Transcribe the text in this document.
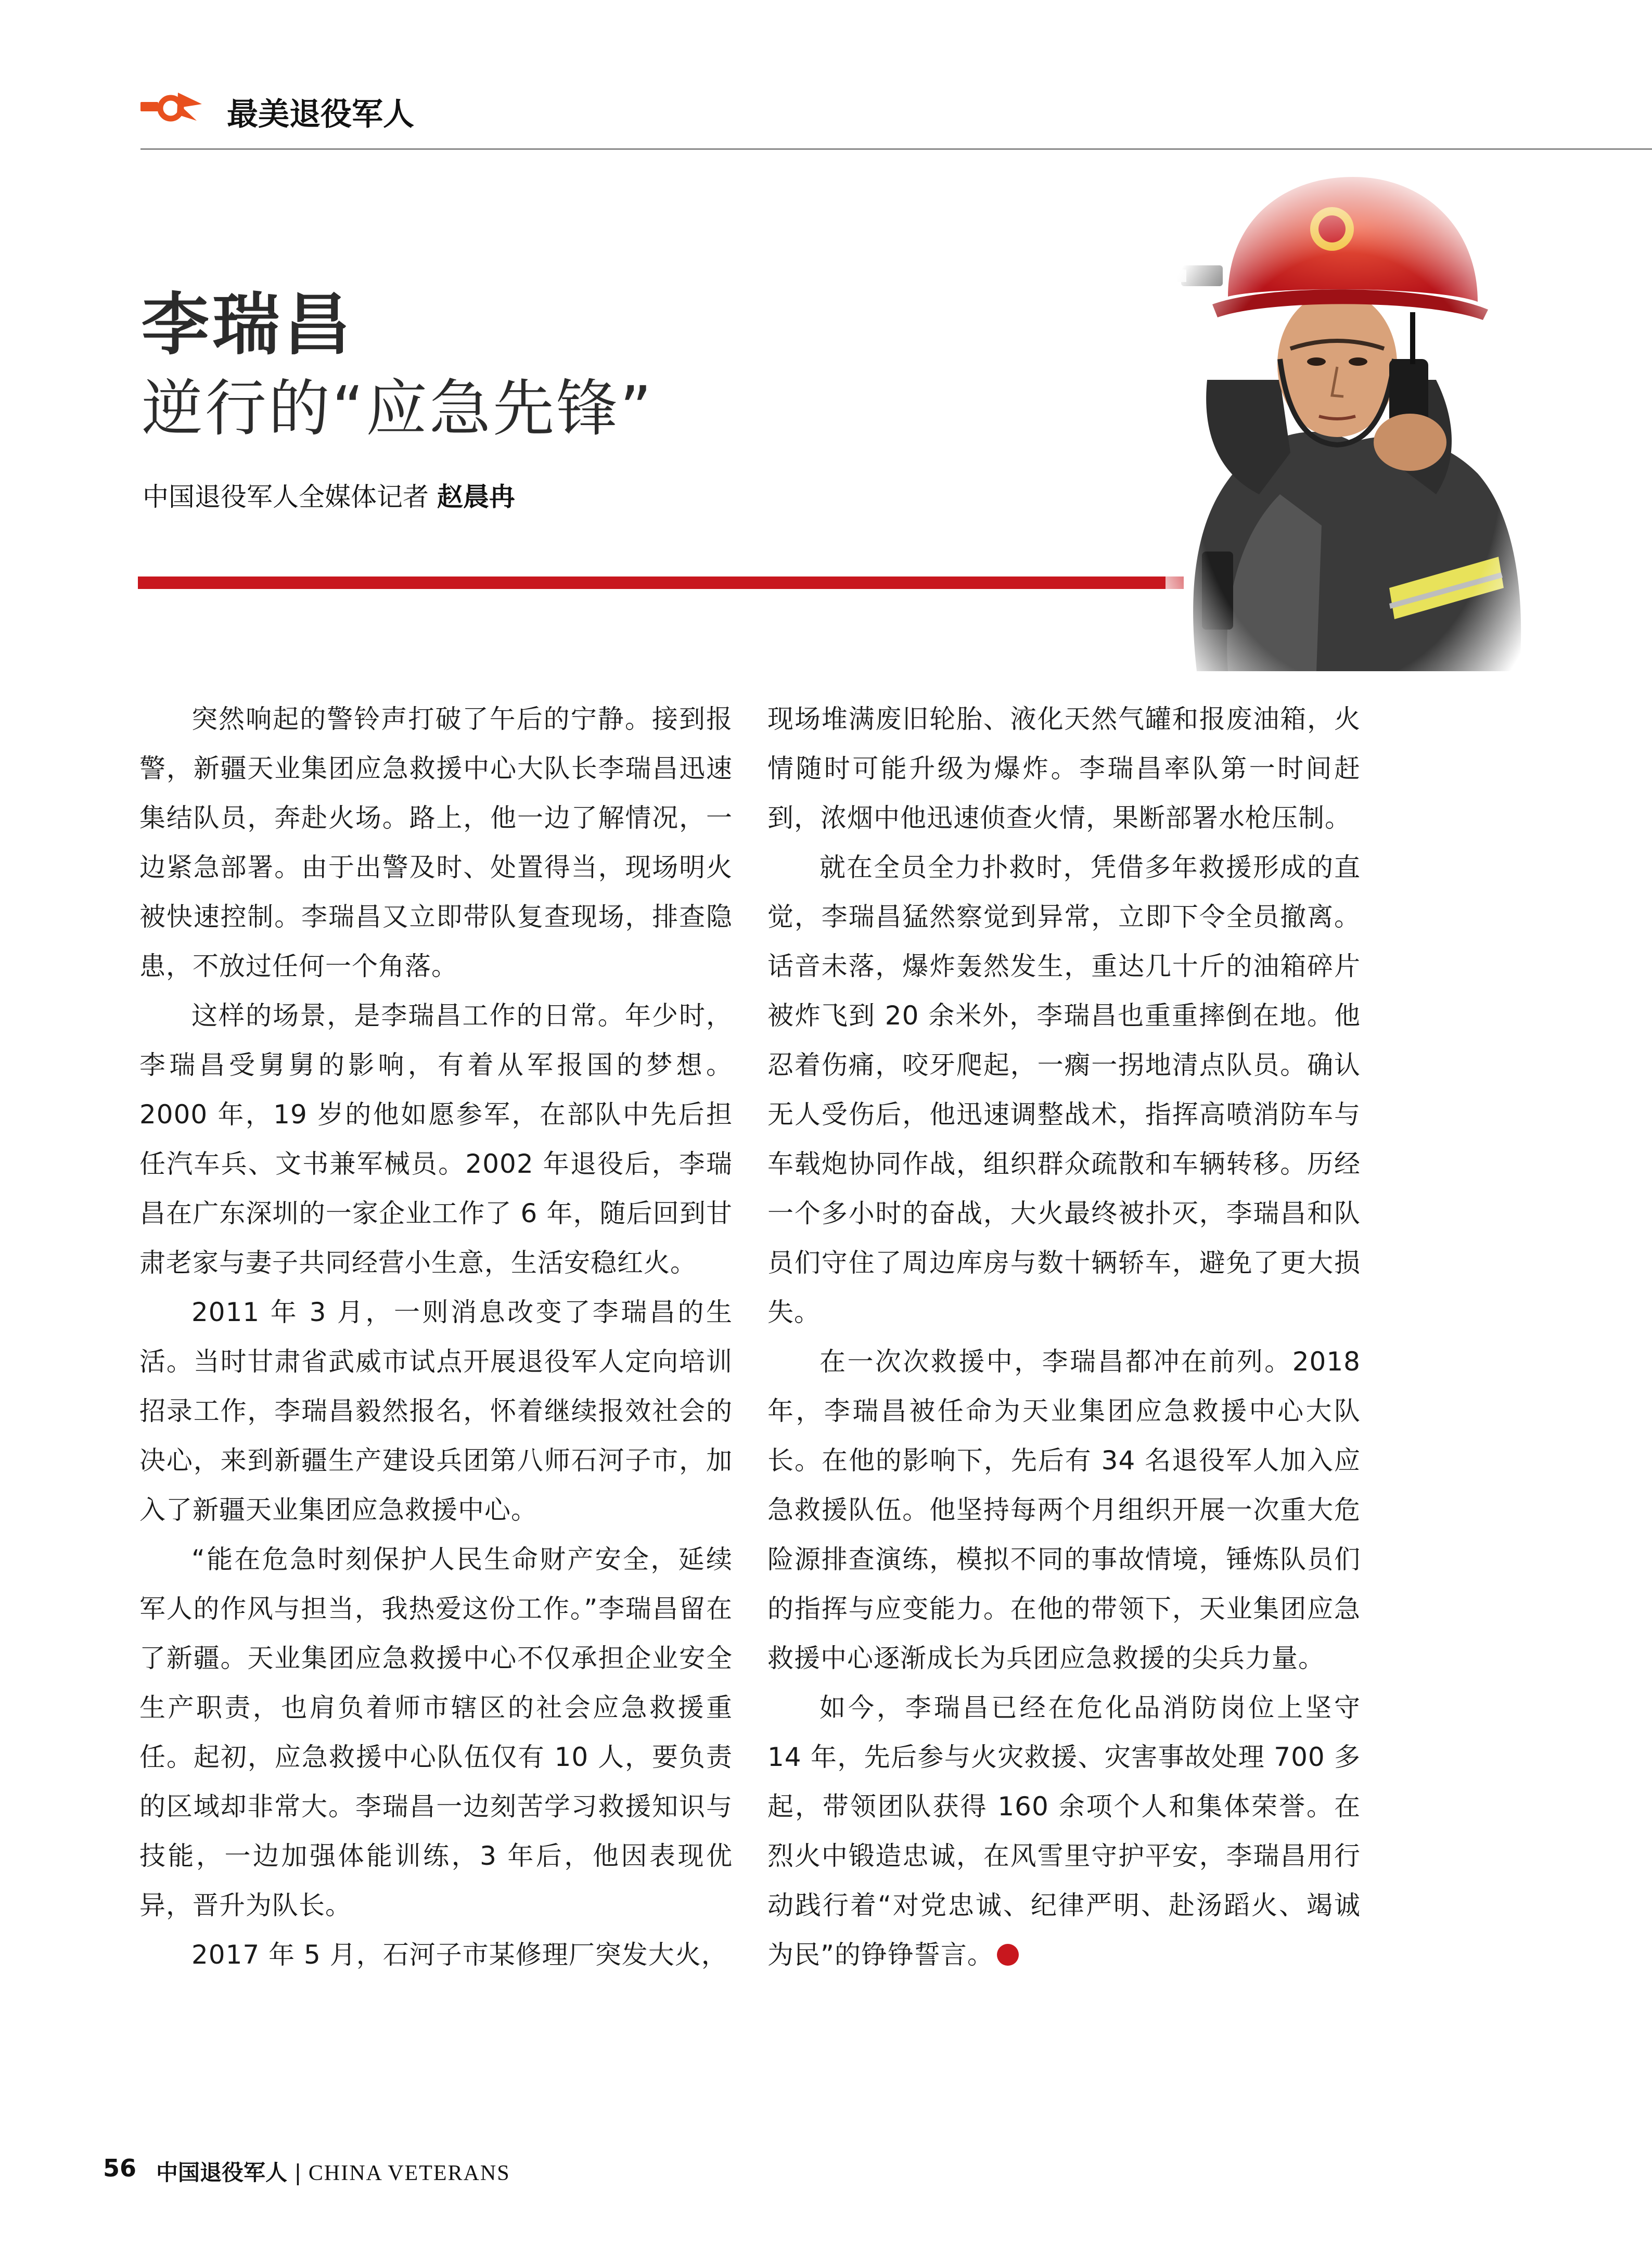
最美退役军人
李瑞昌
逆行的“应急先锋”
中国退役军人全媒体记者 赵晨冉

突然响起的警铃声打破了午后的宁静。接到报警，新疆天业集团应急救援中心大队长李瑞昌迅速集结队员，奔赴火场。路上，他一边了解情况，一边紧急部署。由于出警及时、处置得当，现场明火被快速控制。李瑞昌又立即带队复查现场，排查隐患，不放过任何一个角落。

这样的场景，是李瑞昌工作的日常。年少时，李瑞昌受舅舅的影响，有着从军报国的梦想。2000 年，19 岁的他如愿参军，在部队中先后担任汽车兵、文书兼军械员。2002 年退役后，李瑞昌在广东深圳的一家企业工作了 6 年，随后回到甘肃老家与妻子共同经营小生意，生活安稳红火。

2011 年 3 月，一则消息改变了李瑞昌的生活。当时甘肃省武威市试点开展退役军人定向培训招录工作，李瑞昌毅然报名，怀着继续报效社会的决心，来到新疆生产建设兵团第八师石河子市，加入了新疆天业集团应急救援中心。

“能在危急时刻保护人民生命财产安全，延续军人的作风与担当，我热爱这份工作。”李瑞昌留在了新疆。天业集团应急救援中心不仅承担企业安全生产职责，也肩负着师市辖区的社会应急救援重任。起初，应急救援中心队伍仅有 10 人，要负责的区域却非常大。李瑞昌一边刻苦学习救援知识与技能，一边加强体能训练，3 年后，他因表现优异，晋升为队长。

2017 年 5 月，石河子市某修理厂突发大火，

现场堆满废旧轮胎、液化天然气罐和报废油箱，火情随时可能升级为爆炸。李瑞昌率队第一时间赶到，浓烟中他迅速侦查火情，果断部署水枪压制。

就在全员全力扑救时，凭借多年救援形成的直觉，李瑞昌猛然察觉到异常，立即下令全员撤离。话音未落，爆炸轰然发生，重达几十斤的油箱碎片被炸飞到 20 余米外，李瑞昌也重重摔倒在地。他忍着伤痛，咬牙爬起，一瘸一拐地清点队员。确认无人受伤后，他迅速调整战术，指挥高喷消防车与车载炮协同作战，组织群众疏散和车辆转移。历经一个多小时的奋战，大火最终被扑灭，李瑞昌和队员们守住了周边库房与数十辆轿车，避免了更大损失。

在一次次救援中，李瑞昌都冲在前列。2018 年，李瑞昌被任命为天业集团应急救援中心大队长。在他的影响下，先后有 34 名退役军人加入应急救援队伍。他坚持每两个月组织开展一次重大危险源排查演练，模拟不同的事故情境，锤炼队员们的指挥与应变能力。在他的带领下，天业集团应急救援中心逐渐成长为兵团应急救援的尖兵力量。

如今，李瑞昌已经在危化品消防岗位上坚守 14 年，先后参与火灾救援、灾害事故处理 700 多起，带领团队获得 160 余项个人和集体荣誉。在烈火中锻造忠诚，在风雪里守护平安，李瑞昌用行动践行着“对党忠诚、纪律严明、赴汤蹈火、竭诚为民”的铮铮誓言。

56 中国退役军人 | CHINA VETERANS
